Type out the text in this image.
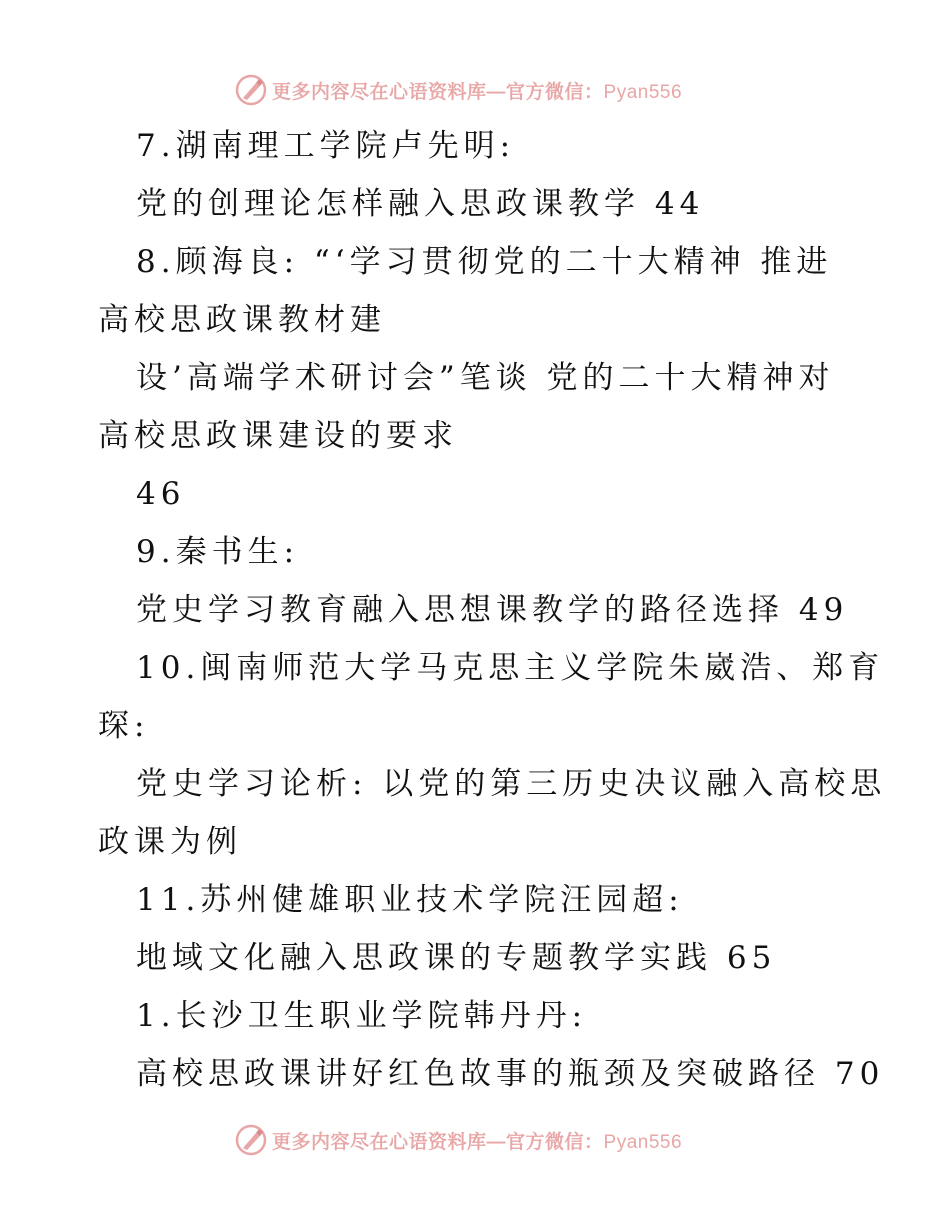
更多内容尽在心语资料库—官方微信：Pyan556
7.湖南理工学院卢先明:
党的创理论怎样融入思政课教学 44
8.顾海良: “‘学习贯彻党的二十大精神 推进
高校思政课教材建
设’高端学术研讨会”笔谈 党的二十大精神对
高校思政课建设的要求
46
9.秦书生:
党史学习教育融入思想课教学的路径选择 49
10.闽南师范大学马克思主义学院朱崴浩、郑育
琛:
党史学习论析: 以党的第三历史决议融入高校思
政课为例
11.苏州健雄职业技术学院汪园超:
地域文化融入思政课的专题教学实践 65
1.长沙卫生职业学院韩丹丹:
高校思政课讲好红色故事的瓶颈及突破路径 70
更多内容尽在心语资料库—官方微信：Pyan556
